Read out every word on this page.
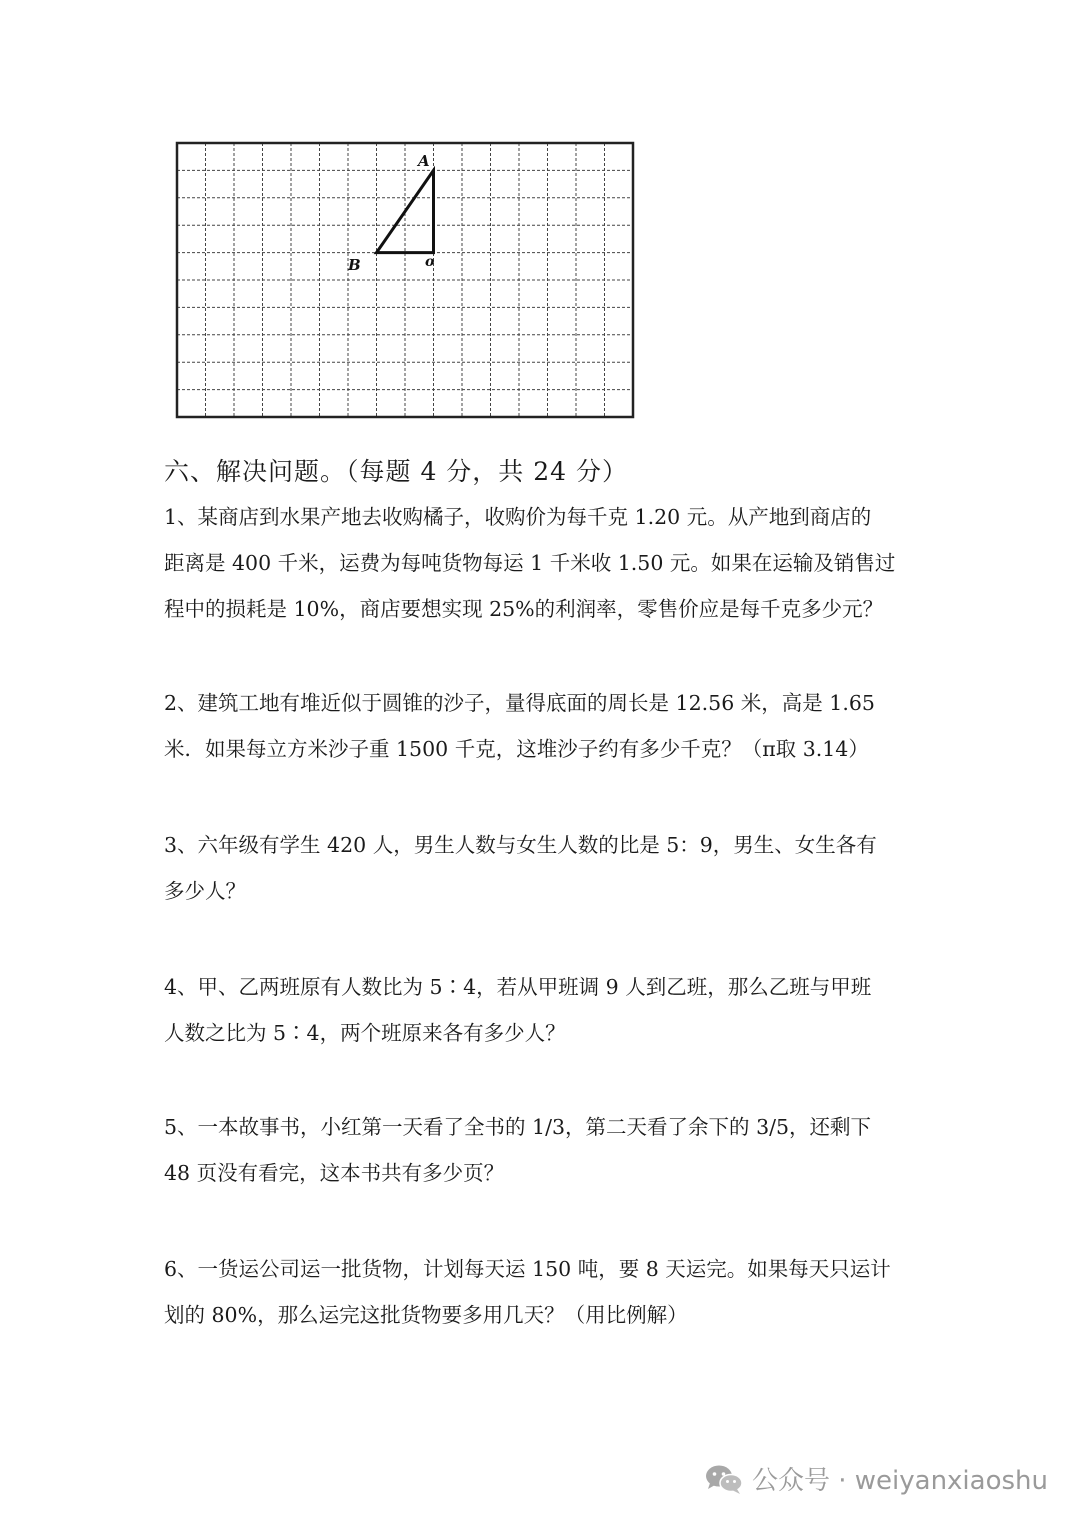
A
B	o
六、解决问题。（每题 4 分，共 24 分）
1、某商店到水果产地去收购橘子，收购价为每千克 1.20 元。从产地到商店的
距离是 400 千米，运费为每吨货物每运 1 千米收 1.50 元。如果在运输及销售过
程中的损耗是 10%，商店要想实现 25%的利润率，零售价应是每千克多少元？
2、建筑工地有堆近似于圆锥的沙子，量得底面的周长是 12.56 米，高是 1.65
米．如果每立方米沙子重 1500 千克，这堆沙子约有多少千克？（π取 3.14）
3、六年级有学生 420 人，男生人数与女生人数的比是 5：9，男生、女生各有
多少人？
4、甲、乙两班原有人数比为 5∶4，若从甲班调 9 人到乙班，那么乙班与甲班
人数之比为 5∶4，两个班原来各有多少人？
5、一本故事书，小红第一天看了全书的 1/3，第二天看了余下的 3/5，还剩下
48 页没有看完，这本书共有多少页？
6、一货运公司运一批货物，计划每天运 150 吨，要 8 天运完。如果每天只运计
划的 80%，那么运完这批货物要多用几天？（用比例解）
公众号 · weiyanxiaoshu
